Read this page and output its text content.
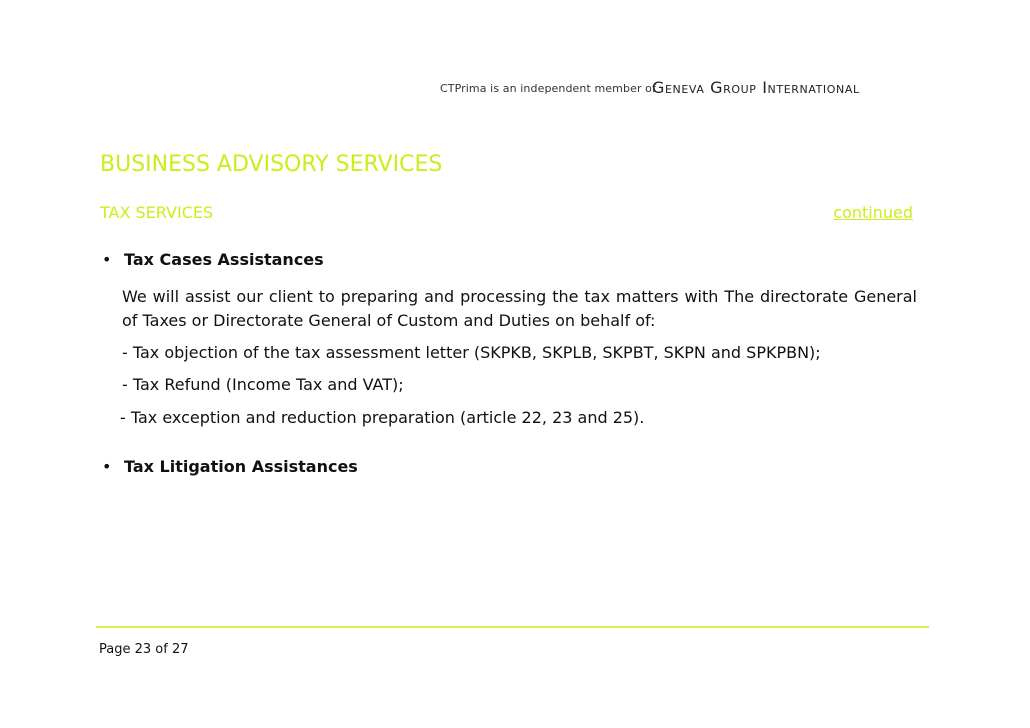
CTPrima is an independent member of
Geneva Group International
BUSINESS ADVISORY SERVICES
TAX SERVICES	continued
• Tax Cases Assistances
We will assist our client to preparing and processing the tax matters with The directorate General of Taxes or Directorate General of Custom and Duties on behalf of:
- Tax objection of the tax assessment letter (SKPKB, SKPLB, SKPBT, SKPN and SPKPBN);
- Tax Refund (Income Tax and VAT);
- Tax exception and reduction preparation (article 22, 23 and 25).
• Tax Litigation Assistances
Page 23 of 27
